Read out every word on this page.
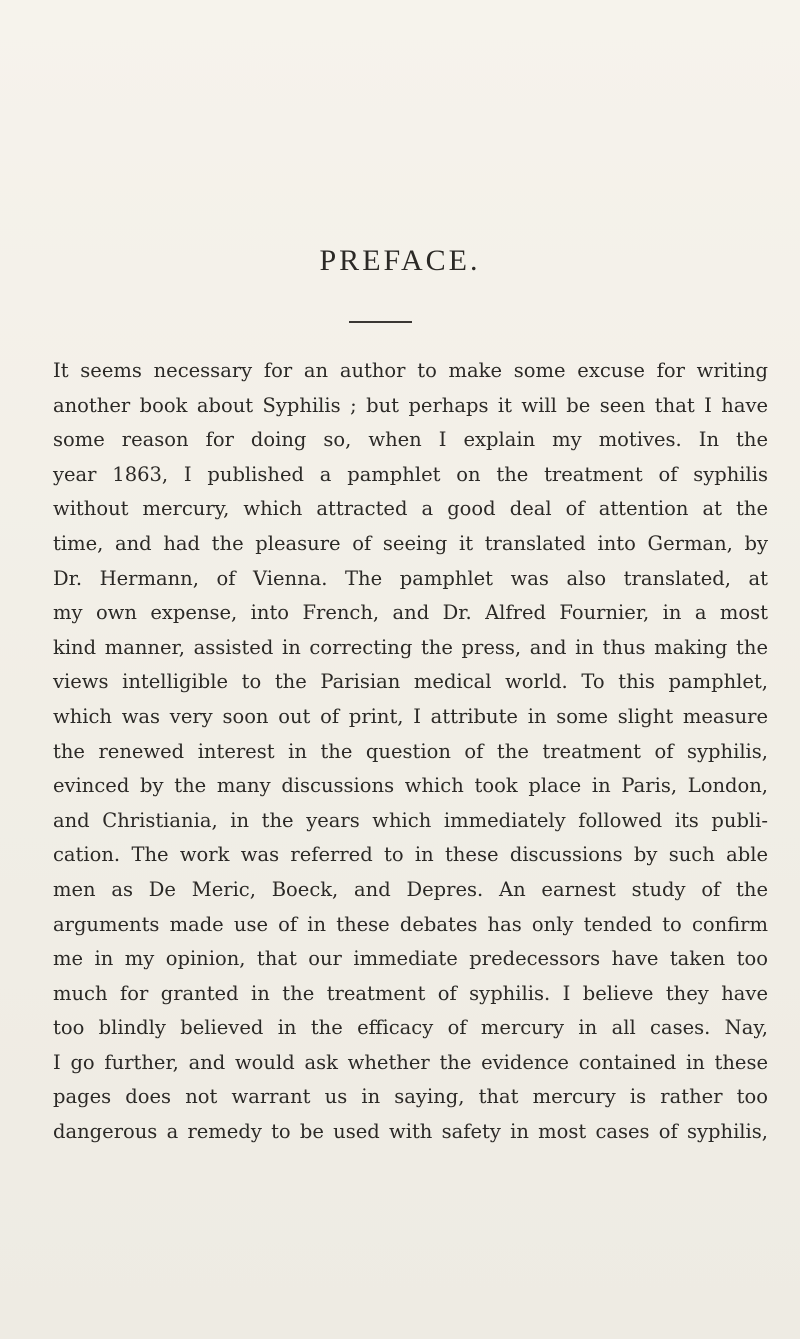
PREFACE.
It seems necessary for an author to make some excuse for writing
another book about Syphilis ; but perhaps it will be seen that I have
some reason for doing so, when I explain my motives. In the
year 1863, I published a pamphlet on the treatment of syphilis
without mercury, which attracted a good deal of attention at the
time, and had the pleasure of seeing it translated into German, by
Dr. Hermann, of Vienna. The pamphlet was also translated, at
my own expense, into French, and Dr. Alfred Fournier, in a most
kind manner, assisted in correcting the press, and in thus making the
views intelligible to the Parisian medical world. To this pamphlet,
which was very soon out of print, I attribute in some slight measure
the renewed interest in the question of the treatment of syphilis,
evinced by the many discussions which took place in Paris, London,
and Christiania, in the years which immediately followed its publi-
cation. The work was referred to in these discussions by such able
men as De Meric, Boeck, and Depres. An earnest study of the
arguments made use of in these debates has only tended to confirm
me in my opinion, that our immediate predecessors have taken too
much for granted in the treatment of syphilis. I believe they have
too blindly believed in the efficacy of mercury in all cases. Nay,
I go further, and would ask whether the evidence contained in these
pages does not warrant us in saying, that mercury is rather too
dangerous a remedy to be used with safety in most cases of syphilis,
